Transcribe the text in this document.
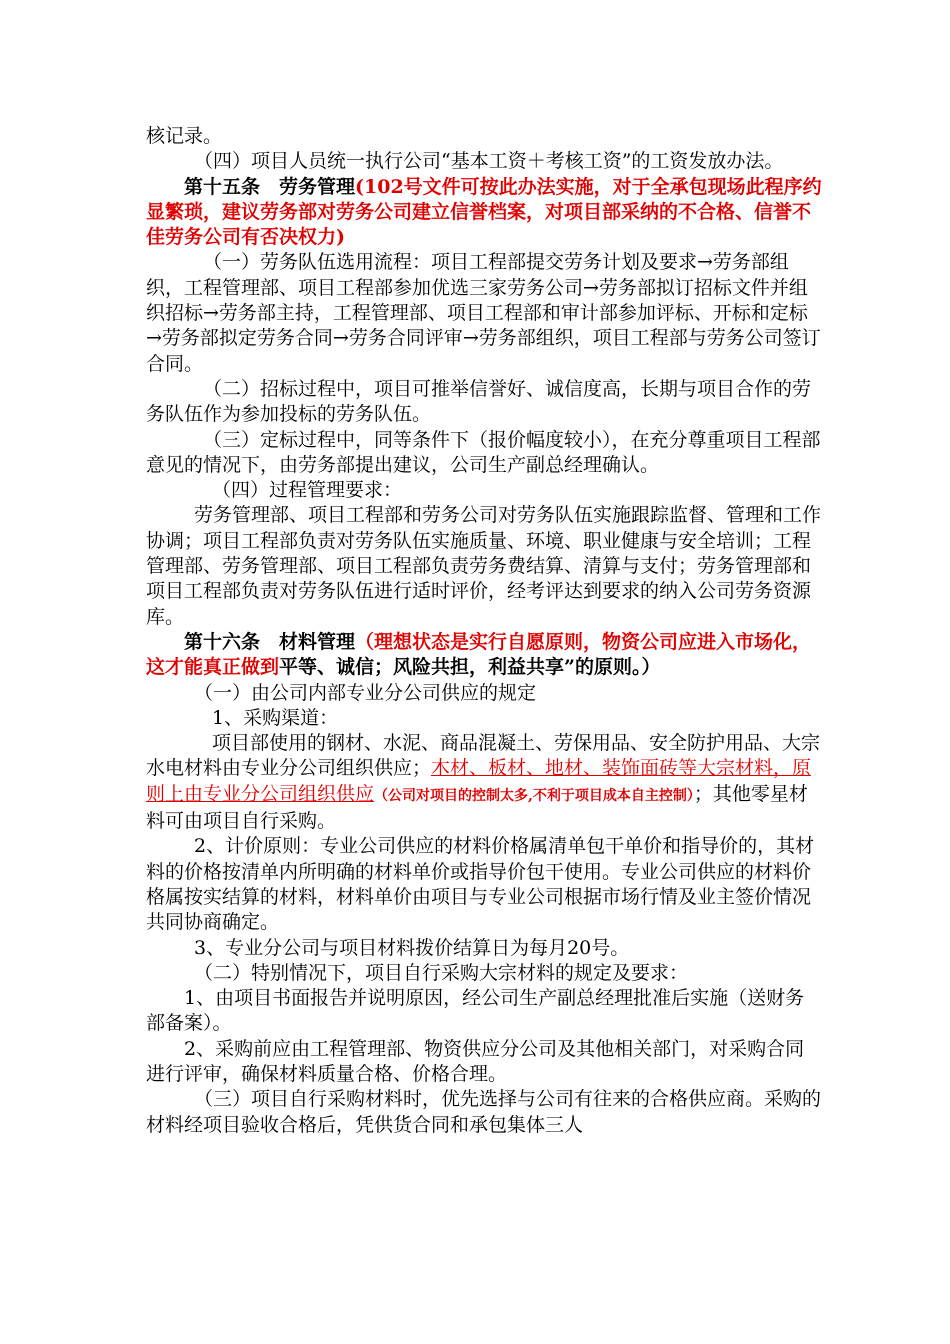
核记录。

（四）项目人员统一执行公司“基本工资＋考核工资”的工资发放办法。

第十五条　劳务管理(102号文件可按此办法实施，对于全承包现场此程序约显繁琐，建议劳务部对劳务公司建立信誉档案，对项目部采纳的不合格、信誉不佳劳务公司有否决权力)

（一）劳务队伍选用流程：项目工程部提交劳务计划及要求→劳务部组织，工程管理部、项目工程部参加优选三家劳务公司→劳务部拟订招标文件并组织招标→劳务部主持，工程管理部、项目工程部和审计部参加评标、开标和定标→劳务部拟定劳务合同→劳务合同评审→劳务部组织，项目工程部与劳务公司签订合同。

（二）招标过程中，项目可推举信誉好、诚信度高，长期与项目合作的劳务队伍作为参加投标的劳务队伍。

（三）定标过程中，同等条件下（报价幅度较小），在充分尊重项目工程部意见的情况下，由劳务部提出建议，公司生产副总经理确认。

（四）过程管理要求：

劳务管理部、项目工程部和劳务公司对劳务队伍实施跟踪监督、管理和工作协调；项目工程部负责对劳务队伍实施质量、环境、职业健康与安全培训；工程管理部、劳务管理部、项目工程部负责劳务费结算、清算与支付；劳务管理部和项目工程部负责对劳务队伍进行适时评价，经考评达到要求的纳入公司劳务资源库。

第十六条　材料管理（理想状态是实行自愿原则，物资公司应进入市场化，这才能真正做到平等、诚信；风险共担，利益共享”的原则。）

（一）由公司内部专业分公司供应的规定

1、采购渠道：

项目部使用的钢材、水泥、商品混凝土、劳保用品、安全防护用品、大宗水电材料由专业分公司组织供应；木材、板材、地材、装饰面砖等大宗材料，原则上由专业分公司组织供应（公司对项目的控制太多,不利于项目成本自主控制）；其他零星材料可由项目自行采购。

2、计价原则：专业公司供应的材料价格属清单包干单价和指导价的，其材料的价格按清单内所明确的材料单价或指导价包干使用。专业公司供应的材料价格属按实结算的材料，材料单价由项目与专业公司根据市场行情及业主签价情况共同协商确定。

3、专业分公司与项目材料拨价结算日为每月20号。

（二）特别情况下，项目自行采购大宗材料的规定及要求：

1、由项目书面报告并说明原因，经公司生产副总经理批准后实施（送财务部备案）。

2、采购前应由工程管理部、物资供应分公司及其他相关部门，对采购合同进行评审，确保材料质量合格、价格合理。

（三）项目自行采购材料时，优先选择与公司有往来的合格供应商。采购的材料经项目验收合格后，凭供货合同和承包集体三人
